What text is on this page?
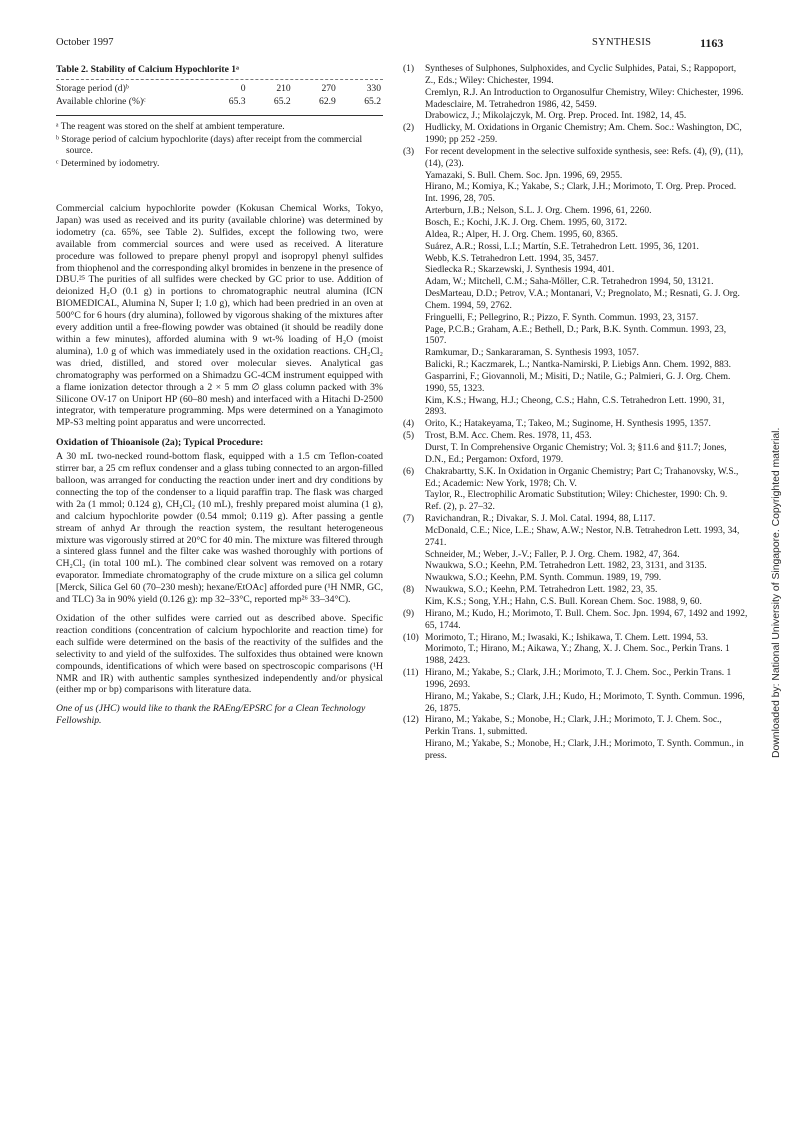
October 1997	SYNTHESIS	1163

Table 2. Stability of Calcium Hypochlorite 1ᵃ

Storage period (d)ᵇ	0	210	270	330
Available chlorine (%)ᶜ	65.3	65.2	62.9	65.2

ᵃ The reagent was stored on the shelf at ambient temperature.

ᵇ Storage period of calcium hypochlorite (days) after receipt from the commercial source.

ᶜ Determined by iodometry.

Commercial calcium hypochlorite powder (Kokusan Chemical Works, Tokyo, Japan) was used as received and its purity (available chlorine) was determined by iodometry (ca. 65%, see Table 2). Sulfides, except the following two, were available from commercial sources and were used as received. A literature procedure was followed to prepare phenyl propyl and isopropyl phenyl sulfides from thiophenol and the corresponding alkyl bromides in benzene in the presence of DBU.²⁵ The purities of all sulfides were checked by GC prior to use. Addition of deionized H₂O (0.1 g) in portions to chromatographic neutral alumina (ICN BIOMEDICAL, Alumina N, Super I; 1.0 g), which had been predried in an oven at 500°C for 6 hours (dry alumina), followed by vigorous shaking of the mixtures after every addition until a free-flowing powder was obtained (it should be readily done within a few minutes), afforded alumina with 9 wt-% loading of H₂O (moist alumina), 1.0 g of which was immediately used in the oxidation reactions. CH₂Cl₂ was dried, distilled, and stored over molecular sieves. Analytical gas chromatography was performed on a Shimadzu GC-4CM instrument equipped with a flame ionization detector through a 2 × 5 mm ∅ glass column packed with 3% Silicone OV-17 on Uniport HP (60–80 mesh) and interfaced with a Hitachi D-2500 integrator, with temperature programming. Mps were determined on a Yanagimoto MP-S3 melting point apparatus and were uncorrected.

Oxidation of Thioanisole (2a); Typical Procedure:

A 30 mL two-necked round-bottom flask, equipped with a 1.5 cm Teflon-coated stirrer bar, a 25 cm reflux condenser and a glass tubing connected to an argon-filled balloon, was arranged for conducting the reaction under inert and dry conditions by connecting the top of the condenser to a liquid paraffin trap. The flask was charged with 2a (1 mmol; 0.124 g), CH₂Cl₂ (10 mL), freshly prepared moist alumina (1 g), and calcium hypochlorite powder (0.54 mmol; 0.119 g). After passing a gentle stream of anhyd Ar through the reaction system, the resultant heterogeneous mixture was vigorously stirred at 20°C for 40 min. The mixture was filtered through a sintered glass funnel and the filter cake was washed thoroughly with portions of CH₂Cl₂ (in total 100 mL). The combined clear solvent was removed on a rotary evaporator. Immediate chromatography of the crude mixture on a silica gel column [Merck, Silica Gel 60 (70–230 mesh); hexane/EtOAc] afforded pure (¹H NMR, GC, and TLC) 3a in 90% yield (0.126 g): mp 32–33°C, reported mp²⁶ 33–34°C).

Oxidation of the other sulfides were carried out as described above. Specific reaction conditions (concentration of calcium hypochlorite and reaction time) for each sulfide were determined on the basis of the reactivity of the sulfides and the selectivity to and yield of the sulfoxides. The sulfoxides thus obtained were known compounds, identifications of which were based on spectroscopic comparisons (¹H NMR and IR) with authentic samples synthesized independently and/or physical (either mp or bp) comparisons with literature data.

One of us (JHC) would like to thank the RAEng/EPSRC for a Clean Technology Fellowship.

(1) Syntheses of Sulphones, Sulphoxides, and Cyclic Sulphides, Patai, S.; Rappoport, Z., Eds.; Wiley: Chichester, 1994.
Cremlyn, R.J. An Introduction to Organosulfur Chemistry, Wiley: Chichester, 1996.
Madesclaire, M. Tetrahedron 1986, 42, 5459.
Drabowicz, J.; Mikolajczyk, M. Org. Prep. Proced. Int. 1982, 14, 45.
(2) Hudlicky, M. Oxidations in Organic Chemistry; Am. Chem. Soc.: Washington, DC, 1990; pp 252 -259.
(3) For recent development in the selective sulfoxide synthesis, see: Refs. (4), (9), (11), (14), (23).
Yamazaki, S. Bull. Chem. Soc. Jpn. 1996, 69, 2955.
Hirano, M.; Komiya, K.; Yakabe, S.; Clark, J.H.; Morimoto, T. Org. Prep. Proced. Int. 1996, 28, 705.
Arterburn, J.B.; Nelson, S.L. J. Org. Chem. 1996, 61, 2260.
Bosch, E.; Kochi, J.K. J. Org. Chem. 1995, 60, 3172.
Aldea, R.; Alper, H. J. Org. Chem. 1995, 60, 8365.
Suárez, A.R.; Rossi, L.I.; Martín, S.E. Tetrahedron Lett. 1995, 36, 1201.
Webb, K.S. Tetrahedron Lett. 1994, 35, 3457.
Siedlecka R.; Skarzewski, J. Synthesis 1994, 401.
Adam, W.; Mitchell, C.M.; Saha-Möller, C.R. Tetrahedron 1994, 50, 13121.
DesMarteau, D.D.; Petrov, V.A.; Montanari, V.; Pregnolato, M.; Resnati, G. J. Org. Chem. 1994, 59, 2762.
Fringuelli, F.; Pellegrino, R.; Pizzo, F. Synth. Commun. 1993, 23, 3157.
Page, P.C.B.; Graham, A.E.; Bethell, D.; Park, B.K. Synth. Commun. 1993, 23, 1507.
Ramkumar, D.; Sankararaman, S. Synthesis 1993, 1057.
Balicki, R.; Kaczmarek, L.; Nantka-Namirski, P. Liebigs Ann. Chem. 1992, 883.
Gasparrini, F.; Giovannoli, M.; Misiti, D.; Natile, G.; Palmieri, G. J. Org. Chem. 1990, 55, 1323.
Kim, K.S.; Hwang, H.J.; Cheong, C.S.; Hahn, C.S. Tetrahedron Lett. 1990, 31, 2893.
(4) Orito, K.; Hatakeyama, T.; Takeo, M.; Suginome, H. Synthesis 1995, 1357.
(5) Trost, B.M. Acc. Chem. Res. 1978, 11, 453.
Durst, T. In Comprehensive Organic Chemistry; Vol. 3; §11.6 and §11.7; Jones, D.N., Ed.; Pergamon: Oxford, 1979.
(6) Chakrabartty, S.K. In Oxidation in Organic Chemistry; Part C; Trahanovsky, W.S., Ed.; Academic: New York, 1978; Ch. V.
Taylor, R., Electrophilic Aromatic Substitution; Wiley: Chichester, 1990: Ch. 9.
Ref. (2), p. 27–32.
(7) Ravichandran, R.; Divakar, S. J. Mol. Catal. 1994, 88, L117.
McDonald, C.E.; Nice, L.E.; Shaw, A.W.; Nestor, N.B. Tetrahedron Lett. 1993, 34, 2741.
Schneider, M.; Weber, J.-V.; Faller, P. J. Org. Chem. 1982, 47, 364.
Nwaukwa, S.O.; Keehn, P.M. Tetrahedron Lett. 1982, 23, 3131, and 3135.
Nwaukwa, S.O.; Keehn, P.M. Synth. Commun. 1989, 19, 799.
(8) Nwaukwa, S.O.; Keehn, P.M. Tetrahedron Lett. 1982, 23, 35.
Kim, K.S.; Song, Y.H.; Hahn, C.S. Bull. Korean Chem. Soc. 1988, 9, 60.
(9) Hirano, M.; Kudo, H.; Morimoto, T. Bull. Chem. Soc. Jpn. 1994, 67, 1492 and 1992, 65, 1744.
(10) Morimoto, T.; Hirano, M.; Iwasaki, K.; Ishikawa, T. Chem. Lett. 1994, 53.
Morimoto, T.; Hirano, M.; Aikawa, Y.; Zhang, X. J. Chem. Soc., Perkin Trans. 1 1988, 2423.
(11) Hirano, M.; Yakabe, S.; Clark, J.H.; Morimoto, T. J. Chem. Soc., Perkin Trans. 1 1996, 2693.
Hirano, M.; Yakabe, S.; Clark, J.H.; Kudo, H.; Morimoto, T. Synth. Commun. 1996, 26, 1875.
(12) Hirano, M.; Yakabe, S.; Monobe, H.; Clark, J.H.; Morimoto, T. J. Chem. Soc., Perkin Trans. 1, submitted.
Hirano, M.; Yakabe, S.; Monobe, H.; Clark, J.H.; Morimoto, T. Synth. Commun., in press.	Downloaded by: National University of Singapore. Copyrighted material.
